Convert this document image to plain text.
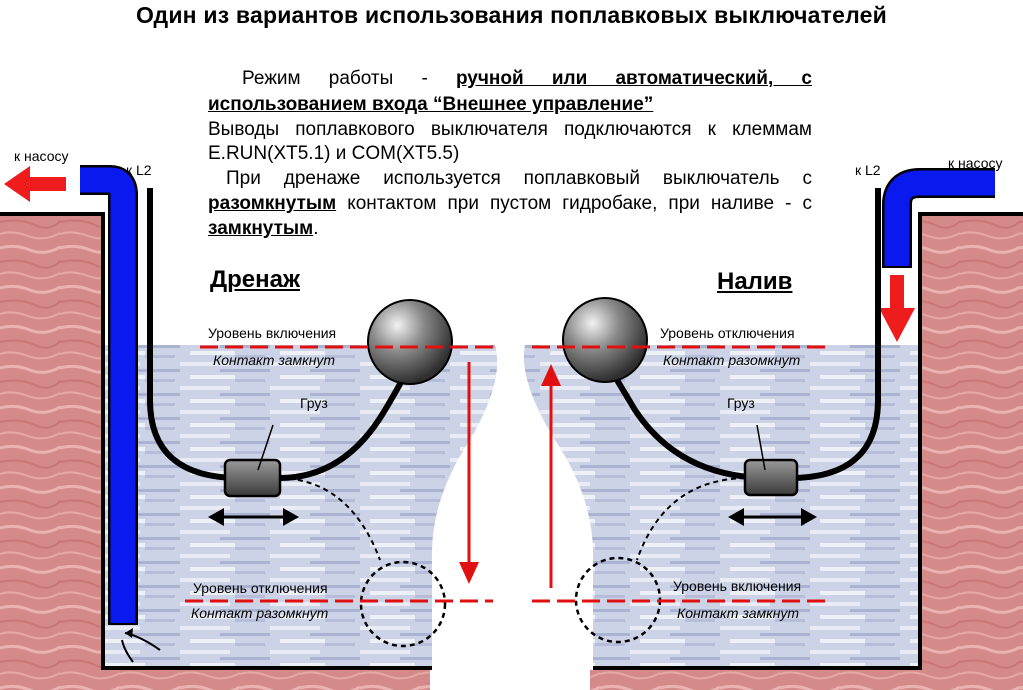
Один из вариантов использования поплавковых выключателей
Режим работы - ручной или автоматический, с использованием входа “Внешнее управление”
Выводы поплавкового выключателя подключаются к клеммам E.RUN(XT5.1) и COM(XT5.5)
При дренаже используется поплавковый выключатель с разомкнутым контактом при пустом гидробаке, при наливе - с замкнутым.
к насосу
к L2
Дренаж
Уровень включения
Контакт замкнут
Груз
Уровень отключения
Контакт разомкнут
к насосу
к L2
Налив
Уровень отключения
Контакт разомкнут
Груз
Уровень включения
Контакт замкнут
